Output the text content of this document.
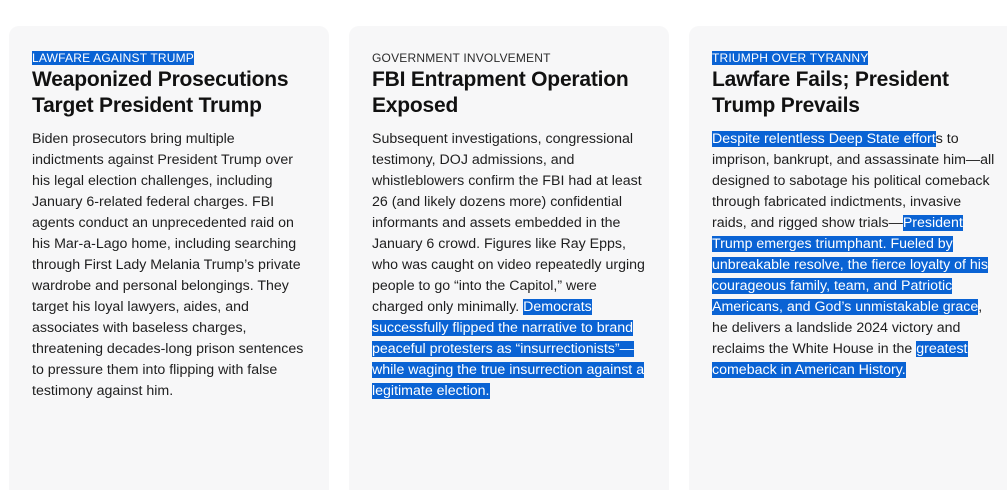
LAWFARE AGAINST TRUMP
Weaponized Prosecutions Target President Trump

Biden prosecutors bring multiple indictments against President Trump over his legal election challenges, including January 6-related federal charges. FBI agents conduct an unprecedented raid on his Mar-a-Lago home, including searching through First Lady Melania Trump’s private wardrobe and personal belongings. They target his loyal lawyers, aides, and associates with baseless charges, threatening decades-long prison sentences to pressure them into flipping with false testimony against him.

GOVERNMENT INVOLVEMENT
FBI Entrapment Operation Exposed

Subsequent investigations, congressional testimony, DOJ admissions, and whistleblowers confirm the FBI had at least 26 (and likely dozens more) confidential informants and assets embedded in the January 6 crowd. Figures like Ray Epps, who was caught on video repeatedly urging people to go “into the Capitol,” were charged only minimally. Democrats successfully flipped the narrative to brand peaceful protesters as “insurrectionists”—while waging the true insurrection against a legitimate election.

TRIUMPH OVER TYRANNY
Lawfare Fails; President Trump Prevails

Despite relentless Deep State efforts to imprison, bankrupt, and assassinate him—all designed to sabotage his political comeback through fabricated indictments, invasive raids, and rigged show trials—President Trump emerges triumphant. Fueled by unbreakable resolve, the fierce loyalty of his courageous family, team, and Patriotic Americans, and God’s unmistakable grace, he delivers a landslide 2024 victory and reclaims the White House in the greatest comeback in American History.
